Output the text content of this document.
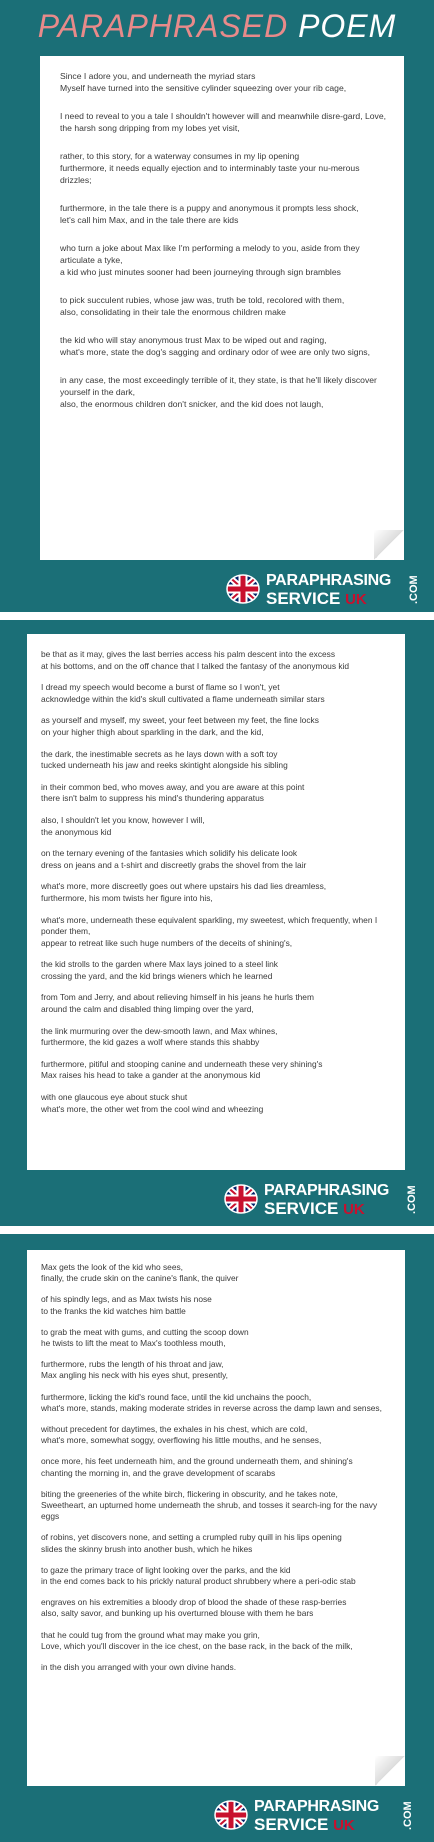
PARAPHRASED POEM

Since I adore you, and underneath the myriad stars
Myself have turned into the sensitive cylinder squeezing over your rib cage,

I need to reveal to you a tale I shouldn't however will and meanwhile disre-gard, Love,
the harsh song dripping from my lobes yet visit,

rather, to this story, for a waterway consumes in my lip opening
furthermore, it needs equally ejection and to interminably taste your nu-merous drizzles;

furthermore, in the tale there is a puppy and anonymous it prompts less shock,
let's call him Max, and in the tale there are kids

who turn a joke about Max like I'm performing a melody to you, aside from they articulate a tyke,
a kid who just minutes sooner had been journeying through sign brambles

to pick succulent rubies, whose jaw was, truth be told, recolored with them,
also, consolidating in their tale the enormous children make

the kid who will stay anonymous trust Max to be wiped out and raging,
what's more, state the dog's sagging and ordinary odor of wee are only two signs,

in any case, the most exceedingly terrible of it, they state, is that he'll likely discover yourself in the dark,
also, the enormous children don't snicker, and the kid does not laugh,

PARAPHRASING
SERVICE UK	.COM

be that as it may, gives the last berries access his palm descent into the excess
at his bottoms, and on the off chance that I talked the fantasy of the anonymous kid

I dread my speech would become a burst of flame so I won't, yet
acknowledge within the kid's skull cultivated a flame underneath similar stars

as yourself and myself, my sweet, your feet between my feet, the fine locks
on your higher thigh about sparkling in the dark, and the kid,

the dark, the inestimable secrets as he lays down with a soft toy
tucked underneath his jaw and reeks skintight alongside his sibling

in their common bed, who moves away, and you are aware at this point
there isn't balm to suppress his mind's thundering apparatus

also, I shouldn't let you know, however I will,
the anonymous kid

on the ternary evening of the fantasies which solidify his delicate look
dress on jeans and a t-shirt and discreetly grabs the shovel from the lair

what's more, more discreetly goes out where upstairs his dad lies dreamless,
furthermore, his mom twists her figure into his,

what's more, underneath these equivalent sparkling, my sweetest, which frequently, when I ponder them,
appear to retreat like such huge numbers of the deceits of shining's,

the kid strolls to the garden where Max lays joined to a steel link
crossing the yard, and the kid brings wieners which he learned

from Tom and Jerry, and about relieving himself in his jeans he hurls them
around the calm and disabled thing limping over the yard,

the link murmuring over the dew-smooth lawn, and Max whines,
furthermore, the kid gazes a wolf where stands this shabby

furthermore, pitiful and stooping canine and underneath these very shining's
Max raises his head to take a gander at the anonymous kid

with one glaucous eye about stuck shut
what's more, the other wet from the cool wind and wheezing

PARAPHRASING
SERVICE UK	.COM

Max gets the look of the kid who sees,
finally, the crude skin on the canine's flank, the quiver

of his spindly legs, and as Max twists his nose
to the franks the kid watches him battle

to grab the meat with gums, and cutting the scoop down
he twists to lift the meat to Max's toothless mouth,

furthermore, rubs the length of his throat and jaw,
Max angling his neck with his eyes shut, presently,

furthermore, licking the kid's round face, until the kid unchains the pooch,
what's more, stands, making moderate strides in reverse across the damp lawn and senses,

without precedent for daytimes, the exhales in his chest, which are cold,
what's more, somewhat soggy, overflowing his little mouths, and he senses,

once more, his feet underneath him, and the ground underneath them, and shining's
chanting the morning in, and the grave development of scarabs

biting the greeneries of the white birch, flickering in obscurity, and he takes note,
Sweetheart, an upturned home underneath the shrub, and tosses it search-ing for the navy eggs

of robins, yet discovers none, and setting a crumpled ruby quill in his lips opening
slides the skinny brush into another bush, which he hikes

to gaze the primary trace of light looking over the parks, and the kid
in the end comes back to his prickly natural product shrubbery where a peri-odic stab

engraves on his extremities a bloody drop of blood the shade of these rasp-berries
also, salty savor, and bunking up his overturned blouse with them he bars

that he could tug from the ground what may make you grin,
Love, which you'll discover in the ice chest, on the base rack, in the back of the milk,

in the dish you arranged with your own divine hands.

PARAPHRASING
SERVICE UK	.COM
